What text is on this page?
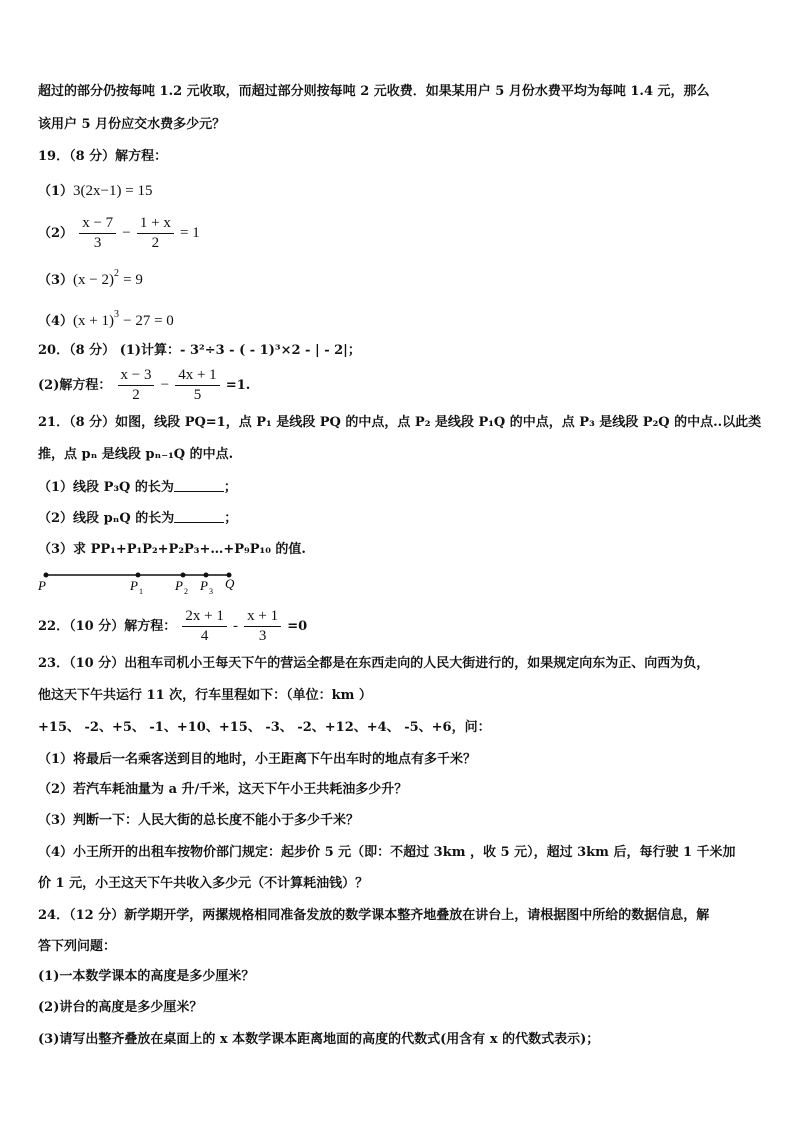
超过的部分仍按每吨 1.2 元收取，而超过部分则按每吨 2 元收费．如果某用户 5 月份水费平均为每吨 1.4 元，那么
该用户 5 月份应交水费多少元？
19．（8 分）解方程：
（1）3(2x−1) = 15
$(2) \frac{x - 7}{3} - \frac{1 + x}{2} = 1$
$(3)(x - 2)^2 = 9$
$(4)(x + 1)^3 - 27 = 0$
20．（8 分） (1)计算：- 3²÷3 - ( - 1)³×2 - | - 2|；
(2)解方程： $\frac{x - 3}{2} - \frac{4x + 1}{5} =1$.
21．（8 分）如图，线段 PQ=1，点 P₁ 是线段 PQ 的中点，点 P₂ 是线段 P₁Q 的中点，点 P₃ 是线段 P₂Q 的中点..以此类
推，点 pₙ 是线段 pₙ₋₁Q 的中点.
（1）线段 P₃Q 的长为	；
（2）线段 pₙQ 的长为	；
（3）求 PP₁+P₁P₂+P₂P₃+…+P₉P₁₀ 的值.
P	P 1 P 2 P 3
Q
22．（10 分）解方程： $\frac{2x + 1}{4} - \frac{x + 1}{3} =0$
23．（10 分）出租车司机小王每天下午的营运全都是在东西走向的人民大街进行的，如果规定向东为正、向西为负，
他这天下午共运行 11 次，行车里程如下：（单位：km ）
+15、 -2、+5、 -1、+10、+15、 -3、 -2、+12、+4、 -5、+6，问：
（1）将最后一名乘客送到目的地时，小王距离下午出车时的地点有多千米？
（2）若汽车耗油量为 a 升/千米，这天下午小王共耗油多少升？
（3）判断一下：人民大街的总长度不能小于多少千米？
（4）小王所开的出租车按物价部门规定：起步价 5 元（即：不超过 3km ，收 5 元），超过 3km 后，每行驶 1 千米加
价 1 元，小王这天下午共收入多少元（不计算耗油钱）？
24．（12 分）新学期开学，两摞规格相同准备发放的数学课本整齐地叠放在讲台上，请根据图中所给的数据信息，解
答下列问题：
(1)一本数学课本的高度是多少厘米？
(2)讲台的高度是多少厘米？
(3)请写出整齐叠放在桌面上的 x 本数学课本距离地面的高度的代数式(用含有 x 的代数式表示)；
